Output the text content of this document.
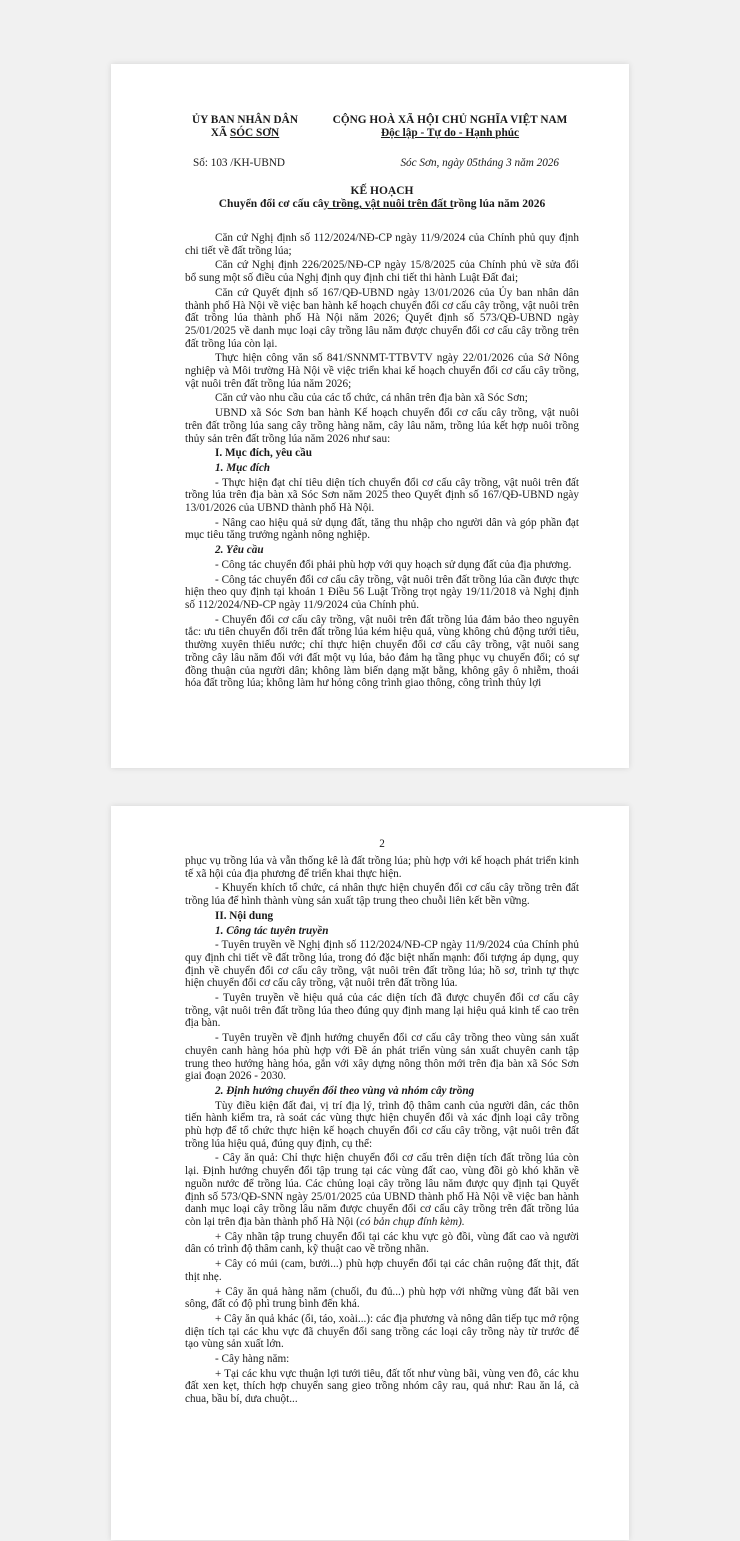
ỦY BAN NHÂN DÂN
XÃ SÓC SƠN
CỘNG HOÀ XÃ HỘI CHỦ NGHĨA VIỆT NAM
Độc lập - Tự do - Hạnh phúc
Số: 103 /KH-UBND	Sóc Sơn, ngày 05tháng 3 năm 2026
KẾ HOẠCH
Chuyển đổi cơ cấu cây trồng, vật nuôi trên đất trồng lúa năm 2026

Căn cứ Nghị định số 112/2024/NĐ-CP ngày 11/9/2024 của Chính phủ quy định chi tiết về đất trồng lúa;

Căn cứ Nghị định 226/2025/NĐ-CP ngày 15/8/2025 của Chính phủ về sửa đổi bổ sung một số điều của Nghị định quy định chi tiết thi hành Luật Đất đai;

Căn cứ Quyết định số 167/QĐ-UBND ngày 13/01/2026 của Ủy ban nhân dân thành phố Hà Nội về việc ban hành kế hoạch chuyển đổi cơ cấu cây trồng, vật nuôi trên đất trồng lúa thành phố Hà Nội năm 2026; Quyết định số 573/QĐ-UBND ngày 25/01/2025 về danh mục loại cây trồng lâu năm được chuyển đổi cơ cấu cây trồng trên đất trồng lúa còn lại.

Thực hiện công văn số 841/SNNMT-TTBVTV ngày 22/01/2026 của Sở Nông nghiệp và Môi trường Hà Nội về việc triển khai kế hoạch chuyển đổi cơ cấu cây trồng, vật nuôi trên đất trồng lúa năm 2026;

Căn cứ vào nhu cầu của các tổ chức, cá nhân trên địa bàn xã Sóc Sơn;

UBND xã Sóc Sơn ban hành Kế hoạch chuyển đổi cơ cấu cây trồng, vật nuôi trên đất trồng lúa sang cây trồng hàng năm, cây lâu năm, trồng lúa kết hợp nuôi trồng thủy sản trên đất trồng lúa năm 2026 như sau:

I. Mục đích, yêu cầu

1. Mục đích

- Thực hiện đạt chỉ tiêu diện tích chuyển đổi cơ cấu cây trồng, vật nuôi trên đất trồng lúa trên địa bàn xã Sóc Sơn năm 2025 theo Quyết định số 167/QĐ-UBND ngày 13/01/2026 của UBND thành phố Hà Nội.

- Nâng cao hiệu quả sử dụng đất, tăng thu nhập cho người dân và góp phần đạt mục tiêu tăng trưởng ngành nông nghiệp.

2. Yêu cầu

- Công tác chuyển đổi phải phù hợp với quy hoạch sử dụng đất của địa phương.

- Công tác chuyển đổi cơ cấu cây trồng, vật nuôi trên đất trồng lúa cần được thực hiện theo quy định tại khoản 1 Điều 56 Luật Trồng trọt ngày 19/11/2018 và Nghị định số 112/2024/NĐ-CP ngày 11/9/2024 của Chính phủ.

- Chuyển đổi cơ cấu cây trồng, vật nuôi trên đất trồng lúa đảm bảo theo nguyên tắc: ưu tiên chuyển đổi trên đất trồng lúa kém hiệu quả, vùng không chủ động tưới tiêu, thường xuyên thiếu nước; chỉ thực hiện chuyển đổi cơ cấu cây trồng, vật nuôi sang trồng cây lâu năm đối với đất một vụ lúa, bảo đảm hạ tầng phục vụ chuyển đổi; có sự đồng thuận của người dân; không làm biến dạng mặt bằng, không gây ô nhiễm, thoái hóa đất trồng lúa; không làm hư hỏng công trình giao thông, công trình thủy lợi

2

phục vụ trồng lúa và vẫn thống kê là đất trồng lúa; phù hợp với kế hoạch phát triển kinh tế xã hội của địa phương để triển khai thực hiện.

- Khuyến khích tổ chức, cá nhân thực hiện chuyển đổi cơ cấu cây trồng trên đất trồng lúa để hình thành vùng sản xuất tập trung theo chuỗi liên kết bền vững.

II. Nội dung

1. Công tác tuyên truyền

- Tuyên truyền về Nghị định số 112/2024/NĐ-CP ngày 11/9/2024 của Chính phủ quy định chi tiết về đất trồng lúa, trong đó đặc biệt nhấn mạnh: đối tượng áp dụng, quy định về chuyển đổi cơ cấu cây trồng, vật nuôi trên đất trồng lúa; hồ sơ, trình tự thực hiện chuyển đổi cơ cấu cây trồng, vật nuôi trên đất trồng lúa.

- Tuyên truyền về hiệu quả của các diện tích đã được chuyển đổi cơ cấu cây trồng, vật nuôi trên đất trồng lúa theo đúng quy định mang lại hiệu quả kinh tế cao trên địa bàn.

- Tuyên truyền về định hướng chuyển đổi cơ cấu cây trồng theo vùng sản xuất chuyên canh hàng hóa phù hợp với Đề án phát triển vùng sản xuất chuyên canh tập trung theo hướng hàng hóa, gắn với xây dựng nông thôn mới trên địa bàn xã Sóc Sơn giai đoạn 2026 - 2030.

2. Định hướng chuyển đổi theo vùng và nhóm cây trồng

Tùy điều kiện đất đai, vị trí địa lý, trình độ thâm canh của người dân, các thôn tiến hành kiểm tra, rà soát các vùng thực hiện chuyển đổi và xác định loại cây trồng phù hợp để tổ chức thực hiện kế hoạch chuyển đổi cơ cấu cây trồng, vật nuôi trên đất trồng lúa hiệu quả, đúng quy định, cụ thể:

- Cây ăn quả: Chỉ thực hiện chuyển đổi cơ cấu trên diện tích đất trồng lúa còn lại. Định hướng chuyển đổi tập trung tại các vùng đất cao, vùng đồi gò khó khăn về nguồn nước để trồng lúa. Các chủng loại cây trồng lâu năm được quy định tại Quyết định số 573/QĐ-SNN ngày 25/01/2025 của UBND thành phố Hà Nội về việc ban hành danh mục loại cây trồng lâu năm được chuyển đổi cơ cấu cây trồng trên đất trồng lúa còn lại trên địa bàn thành phố Hà Nội (có bản chụp đính kèm).

+ Cây nhãn tập trung chuyển đổi tại các khu vực gò đồi, vùng đất cao và người dân có trình độ thâm canh, kỹ thuật cao về trồng nhãn.

+ Cây có múi (cam, bưởi...) phù hợp chuyển đổi tại các chân ruộng đất thịt, đất thịt nhẹ.

+ Cây ăn quả hàng năm (chuối, đu đủ...) phù hợp với những vùng đất bãi ven sông, đất có độ phì trung bình đến khá.

+ Cây ăn quả khác (ổi, táo, xoài...): các địa phương và nông dân tiếp tục mở rộng diện tích tại các khu vực đã chuyển đổi sang trồng các loại cây trồng này từ trước để tạo vùng sản xuất lớn.

- Cây hàng năm:

+ Tại các khu vực thuận lợi tưới tiêu, đất tốt như vùng bãi, vùng ven đô, các khu đất xen kẹt, thích hợp chuyển sang gieo trồng nhóm cây rau, quả như: Rau ăn lá, cà chua, bầu bí, dưa chuột...
